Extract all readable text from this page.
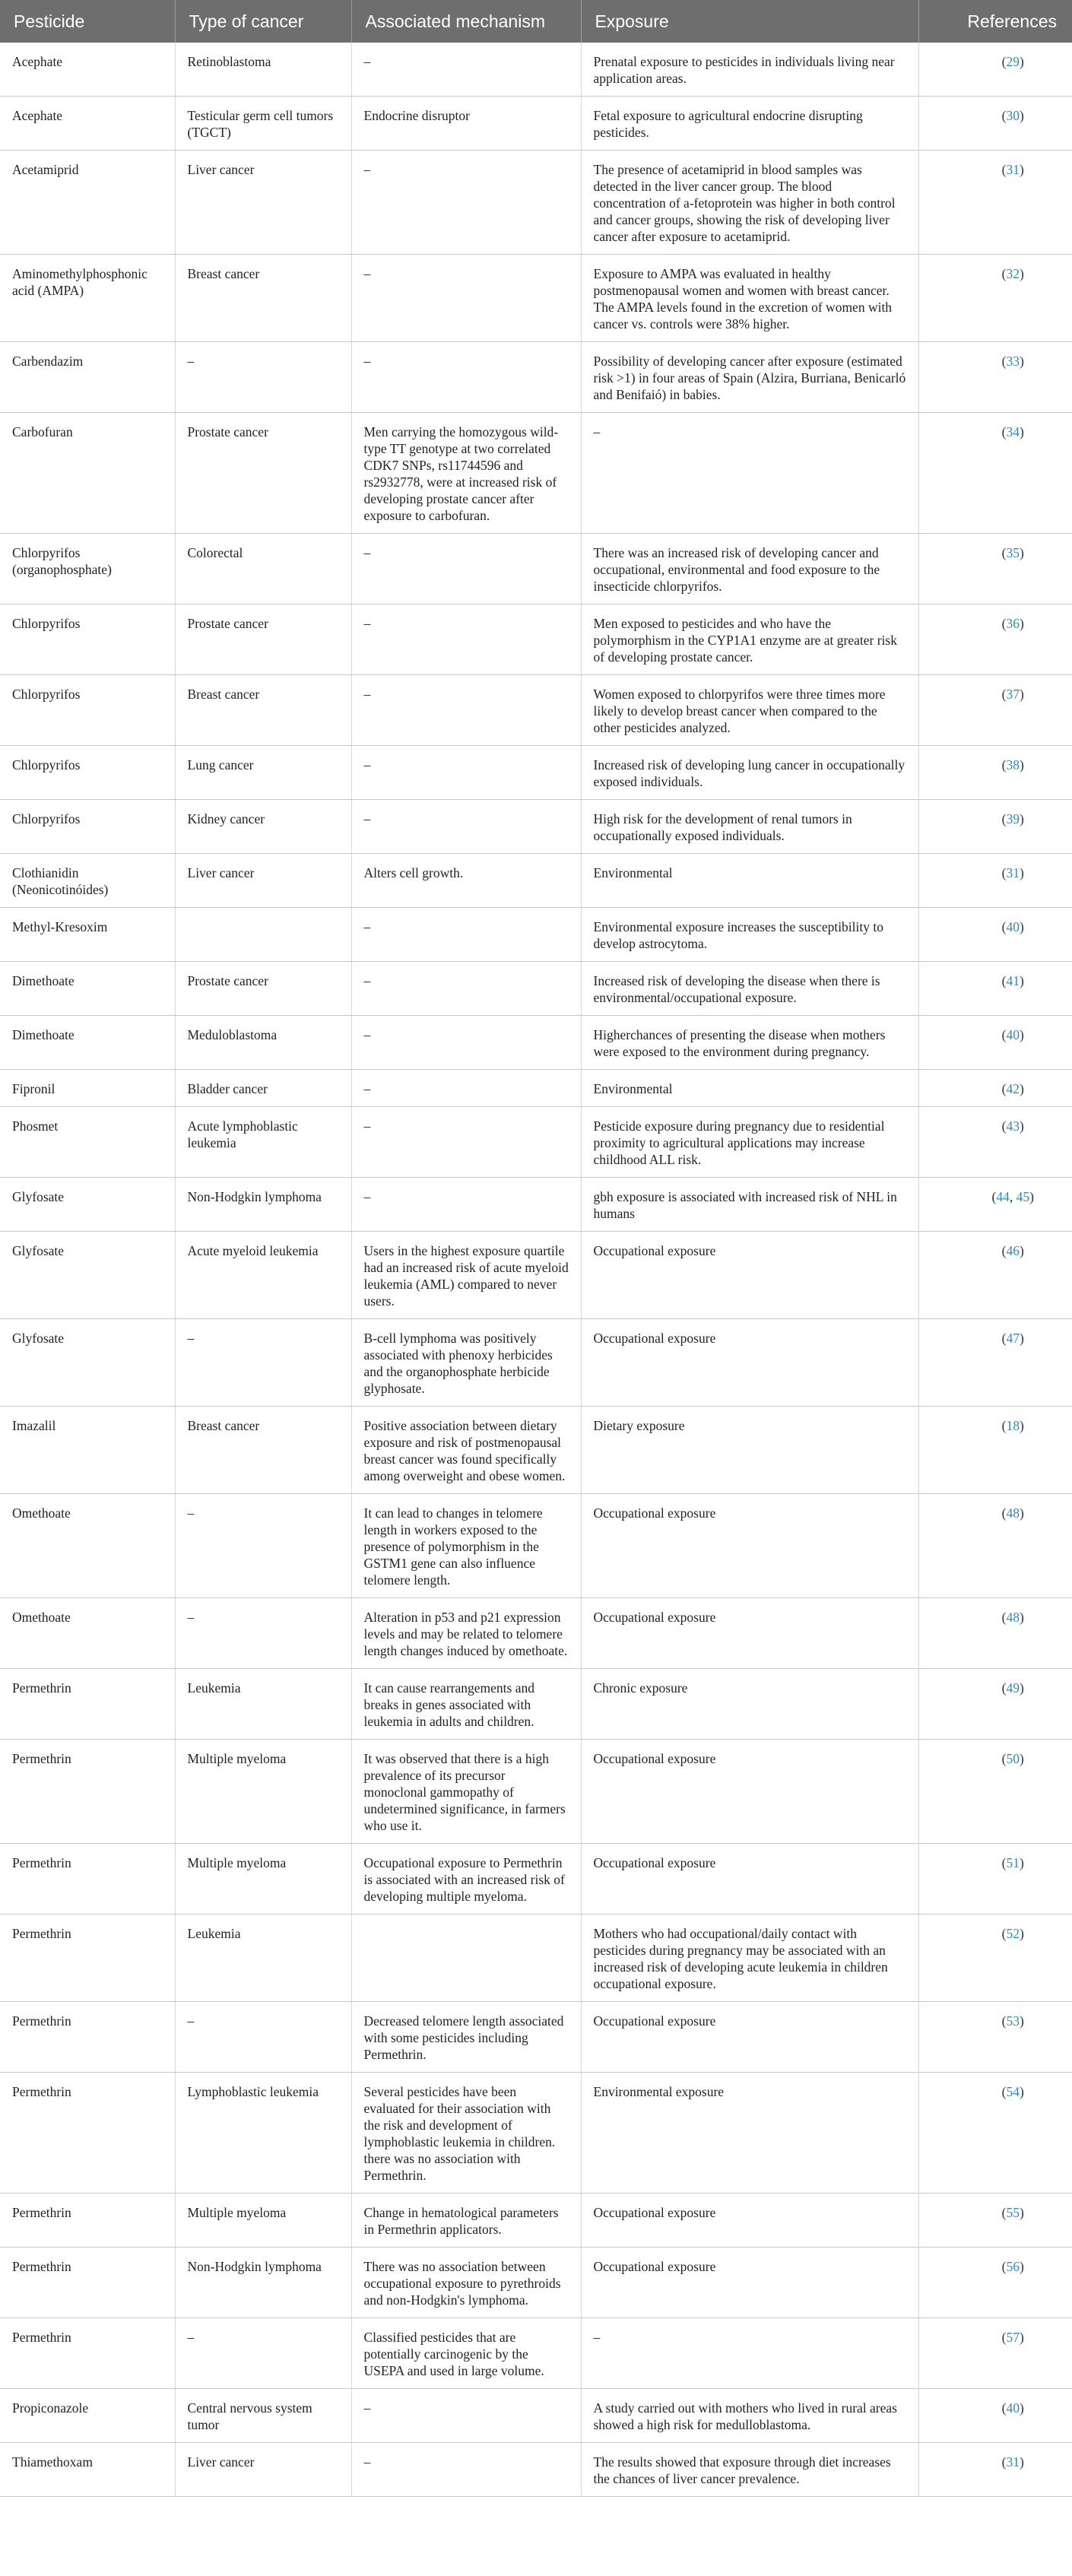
Pesticide	Type of cancer	Associated mechanism	Exposure	References
Acephate	Retinoblastoma	–	Prenatal exposure to pesticides in individuals living near application areas.	(29)
Acephate	Testicular germ cell tumors (TGCT)	Endocrine disruptor	Fetal exposure to agricultural endocrine disrupting pesticides.	(30)
Acetamiprid	Liver cancer	–	The presence of acetamiprid in blood samples was detected in the liver cancer group. The blood concentration of a-fetoprotein was higher in both control and cancer groups, showing the risk of developing liver cancer after exposure to acetamiprid.	(31)
Aminomethylphosphonic acid (AMPA)	Breast cancer	–	Exposure to AMPA was evaluated in healthy postmenopausal women and women with breast cancer. The AMPA levels found in the excretion of women with cancer vs. controls were 38% higher.	(32)
Carbendazim	–	–	Possibility of developing cancer after exposure (estimated risk >1) in four areas of Spain (Alzira, Burriana, Benicarló and Benifaió) in babies.	(33)
Carbofuran	Prostate cancer	Men carrying the homozygous wild-type TT genotype at two correlated CDK7 SNPs, rs11744596 and rs2932778, were at increased risk of developing prostate cancer after exposure to carbofuran.	–	(34)
Chlorpyrifos (organophosphate)	Colorectal	–	There was an increased risk of developing cancer and occupational, environmental and food exposure to the insecticide chlorpyrifos.	(35)
Chlorpyrifos	Prostate cancer	–	Men exposed to pesticides and who have the polymorphism in the CYP1A1 enzyme are at greater risk of developing prostate cancer.	(36)
Chlorpyrifos	Breast cancer	–	Women exposed to chlorpyrifos were three times more likely to develop breast cancer when compared to the other pesticides analyzed.	(37)
Chlorpyrifos	Lung cancer	–	Increased risk of developing lung cancer in occupationally exposed individuals.	(38)
Chlorpyrifos	Kidney cancer	–	High risk for the development of renal tumors in occupationally exposed individuals.	(39)
Clothianidin (Neonicotinóides)	Liver cancer	Alters cell growth.	Environmental	(31)
Methyl-Kresoxim		–	Environmental exposure increases the susceptibility to develop astrocytoma.	(40)
Dimethoate	Prostate cancer	–	Increased risk of developing the disease when there is environmental/occupational exposure.	(41)
Dimethoate	Meduloblastoma	–	Higherchances of presenting the disease when mothers were exposed to the environment during pregnancy.	(40)
Fipronil	Bladder cancer	–	Environmental	(42)
Phosmet	Acute lymphoblastic leukemia	–	Pesticide exposure during pregnancy due to residential proximity to agricultural applications may increase childhood ALL risk.	(43)
Glyfosate	Non-Hodgkin lymphoma	–	gbh exposure is associated with increased risk of NHL in humans	(44, 45)
Glyfosate	Acute myeloid leukemia	Users in the highest exposure quartile had an increased risk of acute myeloid leukemia (AML) compared to never users.	Occupational exposure	(46)
Glyfosate	–	B-cell lymphoma was positively associated with phenoxy herbicides and the organophosphate herbicide glyphosate.	Occupational exposure	(47)
Imazalil	Breast cancer	Positive association between dietary exposure and risk of postmenopausal breast cancer was found specifically among overweight and obese women.	Dietary exposure	(18)
Omethoate	–	It can lead to changes in telomere length in workers exposed to the presence of polymorphism in the GSTM1 gene can also influence telomere length.	Occupational exposure	(48)
Omethoate	–	Alteration in p53 and p21 expression levels and may be related to telomere length changes induced by omethoate.	Occupational exposure	(48)
Permethrin	Leukemia	It can cause rearrangements and breaks in genes associated with leukemia in adults and children.	Chronic exposure	(49)
Permethrin	Multiple myeloma	It was observed that there is a high prevalence of its precursor monoclonal gammopathy of undetermined significance, in farmers who use it.	Occupational exposure	(50)
Permethrin	Multiple myeloma	Occupational exposure to Permethrin is associated with an increased risk of developing multiple myeloma.	Occupational exposure	(51)
Permethrin	Leukemia		Mothers who had occupational/daily contact with pesticides during pregnancy may be associated with an increased risk of developing acute leukemia in children occupational exposure.	(52)
Permethrin	–	Decreased telomere length associated with some pesticides including Permethrin.	Occupational exposure	(53)
Permethrin	Lymphoblastic leukemia	Several pesticides have been evaluated for their association with the risk and development of lymphoblastic leukemia in children. there was no association with Permethrin.	Environmental exposure	(54)
Permethrin	Multiple myeloma	Change in hematological parameters in Permethrin applicators.	Occupational exposure	(55)
Permethrin	Non-Hodgkin lymphoma	There was no association between occupational exposure to pyrethroids and non-Hodgkin's lymphoma.	Occupational exposure	(56)
Permethrin	–	Classified pesticides that are potentially carcinogenic by the USEPA and used in large volume.	–	(57)
Propiconazole	Central nervous system tumor	–	A study carried out with mothers who lived in rural areas showed a high risk for medulloblastoma.	(40)
Thiamethoxam	Liver cancer	–	The results showed that exposure through diet increases the chances of liver cancer prevalence.	(31)
